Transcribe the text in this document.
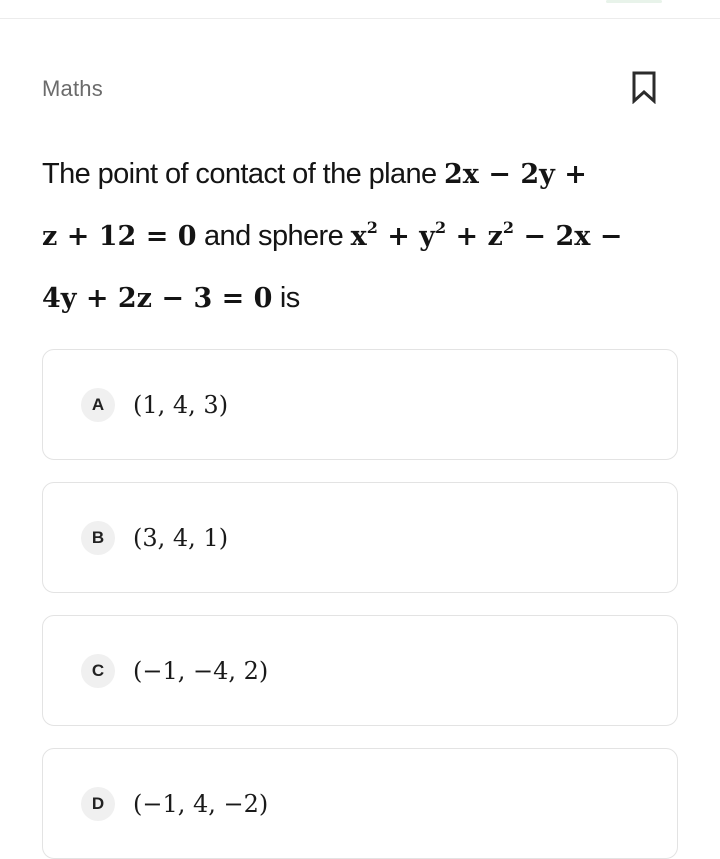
Maths
The point of contact of the plane 2x − 2y +
z + 12 = 0 and sphere $x^2 + y^2 + z^2 - 2x$ −
4y + 2z − 3 = 0 is
A	(1, 4, 3)
B	(3, 4, 1)
C	(−1, −4, 2)
D	(−1, 4, −2)
